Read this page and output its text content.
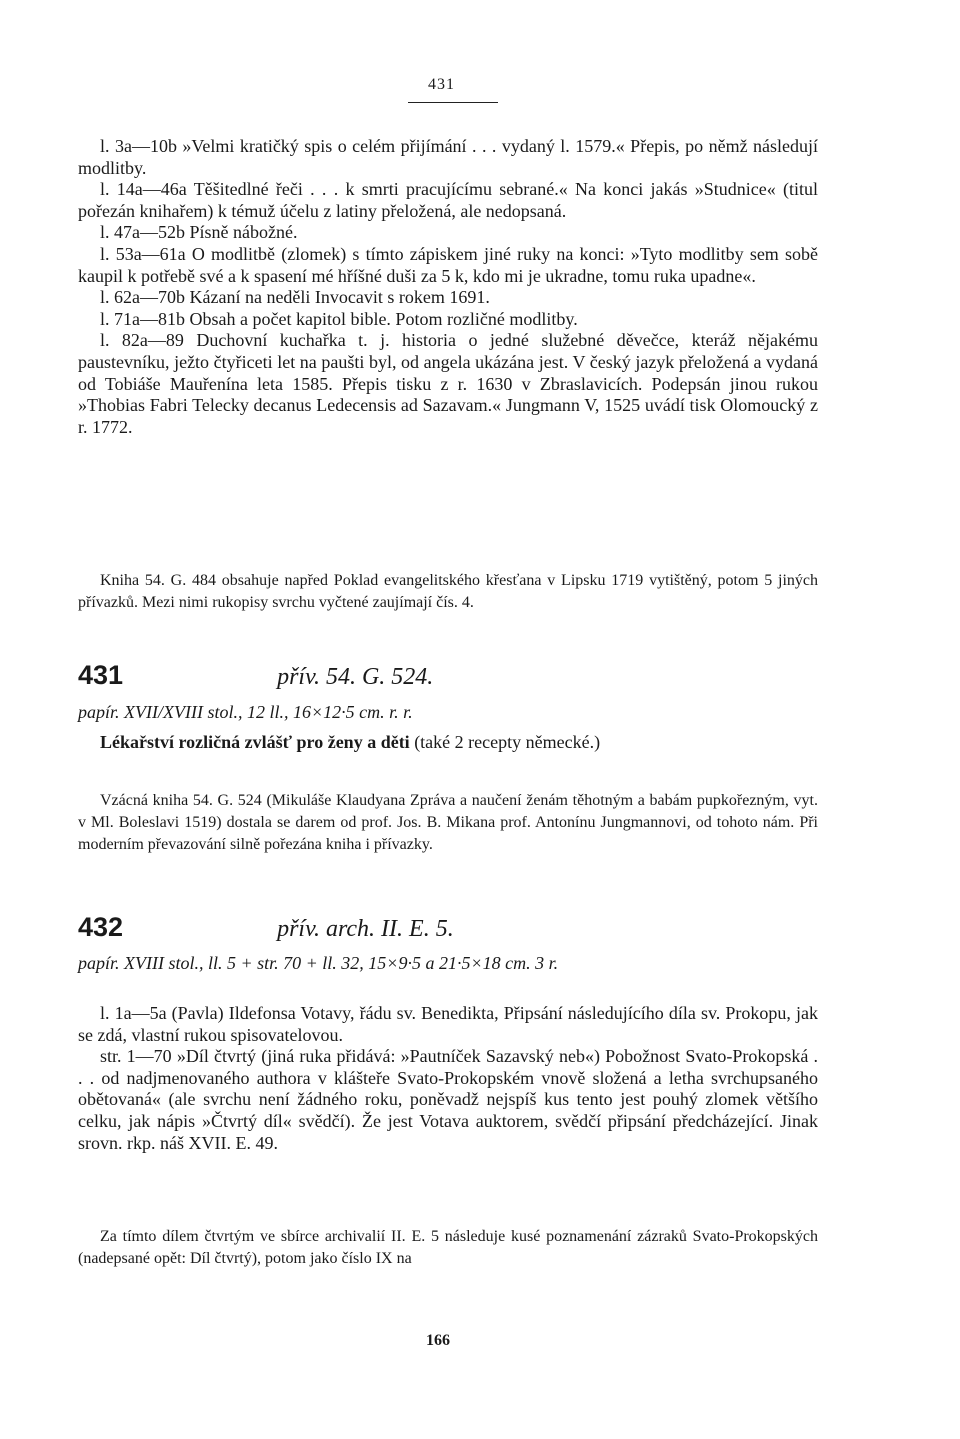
431

l. 3a—10b »Velmi kratičký spis o celém přijímání . . . vydaný l. 1579.« Přepis, po němž následují modlitby.

l. 14a—46a Těšitedlné řeči . . . k smrti pracujícímu sebrané.« Na konci jakás »Studnice« (titul pořezán knihařem) k témuž účelu z latiny přeložená, ale nedopsaná.

l. 47a—52b Písně nábožné.

l. 53a—61a O modlitbě (zlomek) s tímto zápiskem jiné ruky na konci: »Tyto modlitby sem sobě kaupil k potřebě své a k spasení mé hříšné duši za 5 k, kdo mi je ukradne, tomu ruka upadne«.

l. 62a—70b Kázaní na neděli Invocavit s rokem 1691.

l. 71a—81b Obsah a počet kapitol bible. Potom rozličné modlitby.

l. 82a—89 Duchovní kuchařka t. j. historia o jedné služebné děvečce, kteráž nějakému paustevníku, ježto čtyřiceti let na paušti byl, od angela ukázána jest. V český jazyk přeložená a vydaná od Tobiáše Mauřenína leta 1585. Přepis tisku z r. 1630 v Zbraslavicích. Podepsán jinou rukou »Thobias Fabri Telecky decanus Ledecensis ad Sazavam.« Jungmann V, 1525 uvádí tisk Olomoucký z r. 1772.

Kniha 54. G. 484 obsahuje napřed Poklad evangelitského křesťana v Lipsku 1719 vytištěný, potom 5 jiných přívazků. Mezi nimi rukopisy svrchu vyčtené zaujímají čís. 4.

431	přív. 54. G. 524.
papír. XVII/XVIII stol., 12 ll., 16×12·5 cm. r. r.
Lékařství rozličná zvlášť pro ženy a děti (také 2 recepty německé.)

Vzácná kniha 54. G. 524 (Mikuláše Klaudyana Zpráva a naučení ženám těhotným a babám pupkořezným, vyt. v Ml. Boleslavi 1519) dostala se darem od prof. Jos. B. Mikana prof. Antonínu Jungmannovi, od tohoto nám. Při moderním převazování silně pořezána kniha i přívazky.

432	přív. arch. II. E. 5.
papír. XVIII stol., ll. 5 + str. 70 + ll. 32, 15×9·5 a 21·5×18 cm. 3 r.

l. 1a—5a (Pavla) Ildefonsa Votavy, řádu sv. Benedikta, Připsání následujícího díla sv. Prokopu, jak se zdá, vlastní rukou spisovatelovou.

str. 1—70 »Díl čtvrtý (jiná ruka přidává: »Pautníček Sazavský neb«) Pobožnost Svato-Prokopská . . . od nadjmenovaného authora v klášteře Svato-Prokopském vnově složená a letha svrchupsaného obětovaná« (ale svrchu není žádného roku, poněvadž nejspíš kus tento jest pouhý zlomek většího celku, jak nápis »Čtvrtý díl« svědčí). Že jest Votava auktorem, svědčí připsání předcházející. Jinak srovn. rkp. náš XVII. E. 49.

Za tímto dílem čtvrtým ve sbírce archivalií II. E. 5 následuje kusé poznamenání zázraků Svato-Prokopských (nadepsané opět: Díl čtvrtý), potom jako číslo IX na

166
